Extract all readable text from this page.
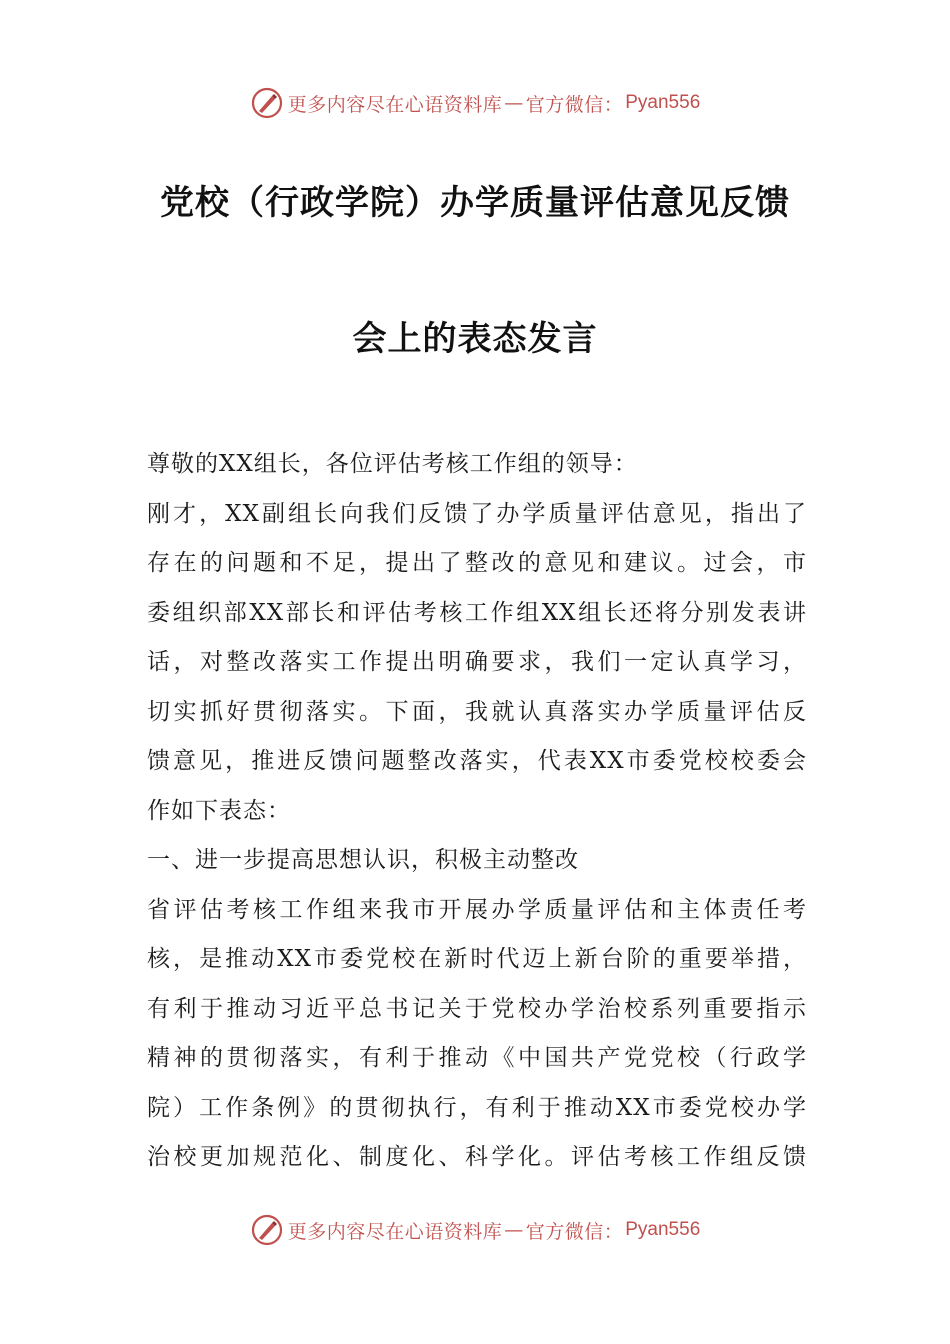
更多内容尽在心语资料库 — 官方微信： Pyan556
党校（行政学院）办学质量评估意见反馈
会上的表态发言
尊敬的XX组长，各位评估考核工作组的领导：
刚才，XX副组长向我们反馈了办学质量评估意见，指出了
存在的问题和不足，提出了整改的意见和建议。过会，市
委组织部XX部长和评估考核工作组XX组长还将分别发表讲
话，对整改落实工作提出明确要求，我们一定认真学习，
切实抓好贯彻落实。下面，我就认真落实办学质量评估反
馈意见，推进反馈问题整改落实，代表XX市委党校校委会
作如下表态：
一、进一步提高思想认识，积极主动整改
省评估考核工作组来我市开展办学质量评估和主体责任考
核，是推动XX市委党校在新时代迈上新台阶的重要举措，
有利于推动习近平总书记关于党校办学治校系列重要指示
精神的贯彻落实，有利于推动《中国共产党党校（行政学
院）工作条例》的贯彻执行，有利于推动XX市委党校办学
治校更加规范化、制度化、科学化。评估考核工作组反馈
更多内容尽在心语资料库 — 官方微信： Pyan556
